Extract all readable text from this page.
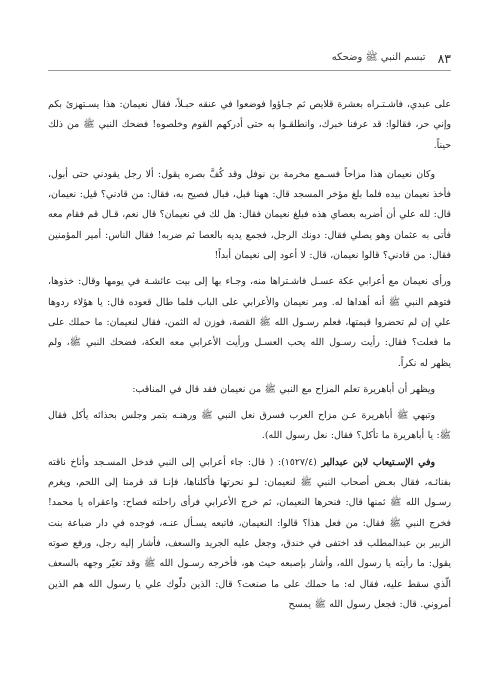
٨٣
تبسم النبي ﷺ وضحكه

على عبدي، فاشـتـراه بعشرة قلايص ثم جـاؤوا فوضعوا في عنقه حبـلاً، فقال نعيمان: هذا يسـتهزئ بكم وإني حر، فقالوا: قد عرفنا خبرك، وانطلقـوا به حتى أدركهم القوم وخلصوه! فضحك النبي ﷺ من ذلك حيناً.

وكان نعيمان هذا مزاحاً فسـمع مخرمة بن نوفل وقد كُفَّ بصره يقول: ألا رجل يقودني حتى أبول، فأخذ نعيمان بيده فلما بلغ مؤخر المسجد قال: ههنا فبل، فبال فصيح به، فقال: من قادني؟ قيل: نعيمان، قال: لله علي أن أضربه بعصاي هذه فبلغ نعيمان فقال: هل لك في نعيمان؟ قال نعم، قـال قم فقام معه فأتى به عثمان وهو يصلي فقال: دونك الرجل، فجمع يديه بالعصا ثم ضربه! فقال الناس: أمير المؤمنين فقال: من قادني؟ قالوا نعيمان، قال: لا أعود إلى نعيمان أبداً!

ورأى نعيمان مع أعرابي عكة عسـل فاشـتراها منه، وجـاء بها إلى بيت عائشـة في يومها وقال: خذوها، فتوهم النبي ﷺ أنه أهداها له. ومر نعيمان والأعرابي على الباب فلما طال قعوده قال: يا هؤلاء ردوها علي إن لم تحضروا قيمتها، فعلم رسـول الله ﷺ القصة، فوزن له الثمن، فقال لنعيمان: ما حملك على ما فعلت؟ فقال: رأيت رسـول الله يحب العسـل ورأيت الأعرابي معه العكة، فضحك النبي ﷺ، ولم يظهر له نكراً.

ويظهر أن أباهريرة تعلم المزاح مع النبي ﷺ من نعيمان فقد قال في المناقب:

وتبهي ﷺ أباهريرة عـن مزاح العرب فسرق نعل النبي ﷺ ورهنـه بتمر وجلس بحذائه يأكل فقال ﷺ: يا أباهريرة ما تأكل؟ فقال: نعل رسول الله).

وفي الإسـتيعاب لابن عبدالبر (١٥٢٧/٤): ( قال: جاء أعرابي إلى النبي فدخل المسـجد وأناخ ناقته بفنائـه، فقال بعـض أصحاب النبي ﷺ لنعيمان: لـو نحرتها فأكلناها، فإنـا قد قرمنا إلى اللحم، ويغرم رسـول الله ﷺ ثمنها قال: فنحرها النعيمان، ثم خرج الأعرابي فرأى راحلته فصاح: واعقراه يا محمد! فخرج النبي ﷺ فقال: من فعل هذا؟ قالوا: النعيمان، فاتبعه يسـأل عنـه، فوجده في دار ضباعة بنت الزبير بن عبدالمطلب قد اختفى في خندق، وجعل عليه الجريد والسعف، فأشار إليه رجل، ورفع صوته يقول: ما رأيته يا رسول الله، وأشار بإصبعه حيث هو، فأخرجه رسـول الله ﷺ وقد تغيّر وجهه بالسعف الّذي سقط عليه، فقال له: ما حملك على ما صنعت؟ قال: الذين دلّوك علي يا رسول الله هم الذين أمروني. قال: فجعل رسول الله ﷺ يمسح
